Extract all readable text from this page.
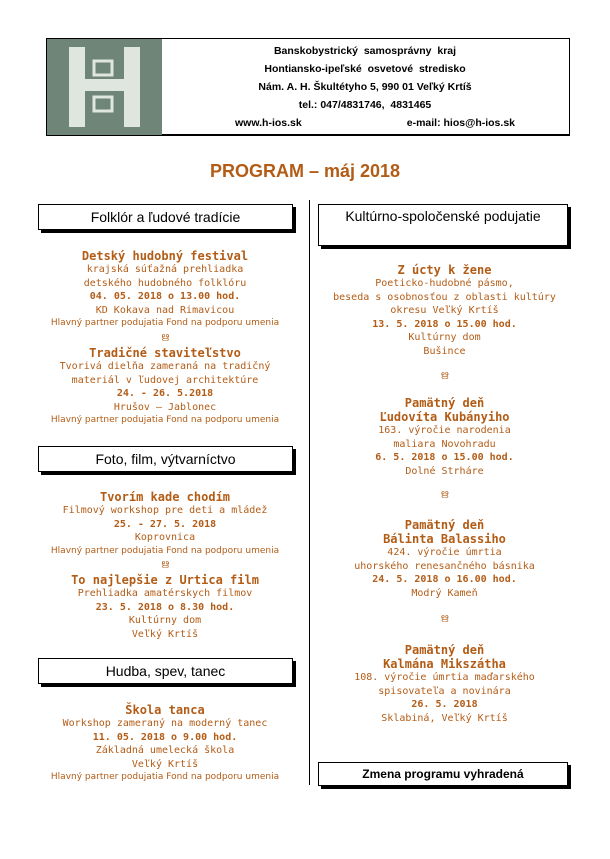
Banskobystrický  samosprávny  kraj
Hontiansko-ipeľské  osvetové  stredisko
Nám. A. H. Škultétyho 5, 990 01 Veľký Krtíš
tel.: 047/4831746,  4831465
www.h-ios.sk	e-mail: hios@h-ios.sk
PROGRAM – máj 2018
Folklór a ľudové tradície
Detský hudobný festival
krajská súťažná prehliadka
detského hudobného folklóru
04. 05. 2018 o 13.00 hod.
KD Kokava nad Rimavicou
Hlavný partner podujatia Fond na podporu umenia
ഋ
Tradičné staviteľstvo
Tvorivá dielňa zameraná na tradičný
materiál v ľudovej architektúre
24. - 26. 5.2018
Hrušov – Jablonec
Hlavný partner podujatia Fond na podporu umenia
Foto, film, výtvarníctvo
Tvorím kade chodím
Filmový workshop pre deti a mládež
25. - 27. 5. 2018
Koprovnica
Hlavný partner podujatia Fond na podporu umenia
ഋ
To najlepšie z Urtica film
Prehliadka amatérskych filmov
23. 5. 2018 o 8.30 hod.
Kultúrny dom
Veľký Krtíš
Hudba, spev, tanec
Škola tanca
Workshop zameraný na moderný tanec
11. 05. 2018 o 9.00 hod.
Základná umelecká škola
Veľký Krtíš
Hlavný partner podujatia Fond na podporu umenia
Kultúrno-spoločenské podujatie
Z úcty k žene
Poeticko-hudobné pásmo,
beseda s osobnosťou z oblasti kultúry
okresu Veľký Krtíš
13. 5. 2018 o 15.00 hod.
Kultúrny dom
Bušince
ഋ
Pamätný deň
Ľudovíta Kubányiho
163. výročie narodenia
maliara Novohradu
6. 5. 2018 o 15.00 hod.
Dolné Strháre
ഋ
Pamätný deň
Bálinta Balassiho
424. výročie úmrtia
uhorského renesančného básnika
24. 5. 2018 o 16.00 hod.
Modrý Kameň
ഋ
Pamätný deň
Kalmána Mikszátha
108. výročie úmrtia maďarského
spisovateľa a novinára
26. 5. 2018
Sklabiná, Veľký Krtíš
Zmena programu vyhradená
